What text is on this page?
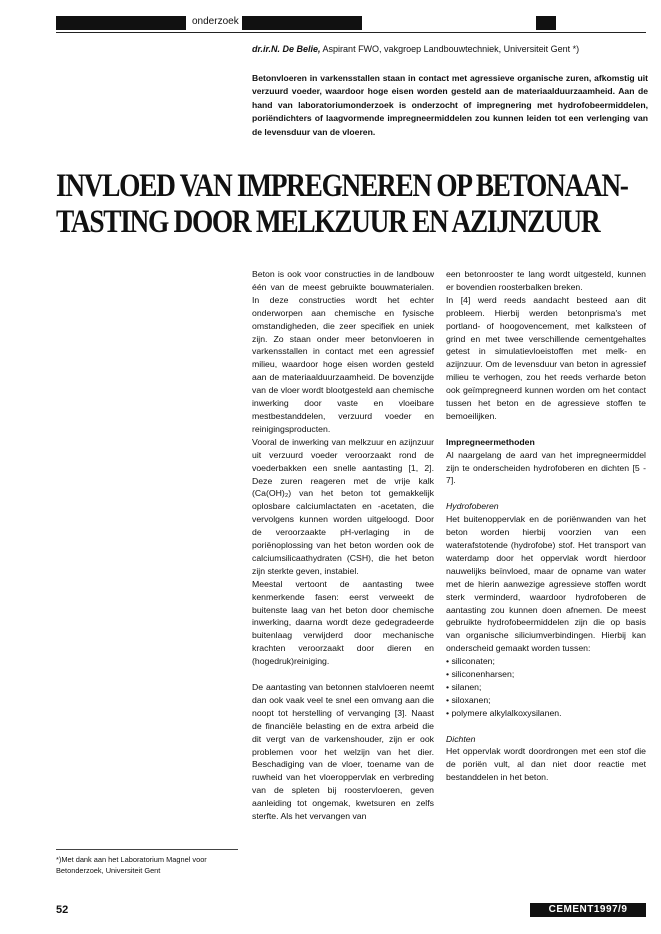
onderzoek
dr.ir.N. De Belie, Aspirant FWO, vakgroep Landbouwtechniek, Universiteit Gent *)
Betonvloeren in varkensstallen staan in contact met agressieve organische zuren, afkomstig uit verzuurd voeder, waardoor hoge eisen worden gesteld aan de materiaalduurzaamheid. Aan de hand van laboratoriumonderzoek is onderzocht of impregnering met hydrofobeermiddelen, poriëndichters of laagvormende impregneermiddelen zou kunnen leiden tot een verlenging van de levensduur van de vloeren.
INVLOED VAN IMPREGNEREN OP BETONAAN-
TASTING DOOR MELKZUUR EN AZIJNZUUR

Beton is ook voor constructies in de landbouw één van de meest gebruikte bouwmaterialen. In deze constructies wordt het echter onderworpen aan chemische en fysische omstandigheden, die zeer specifiek en uniek zijn. Zo staan onder meer betonvloeren in varkensstallen in contact met een agressief milieu, waardoor hoge eisen worden gesteld aan de materiaalduurzaamheid. De bovenzijde van de vloer wordt blootgesteld aan chemische inwerking door vaste en vloeibare mestbestanddelen, verzuurd voeder en reinigingsproducten.

Vooral de inwerking van melkzuur en azijnzuur uit verzuurd voeder veroorzaakt rond de voederbakken een snelle aantasting [1, 2]. Deze zuren reageren met de vrije kalk (Ca(OH)₂) van het beton tot gemakkelijk oplosbare calciumlactaten en -acetaten, die vervolgens kunnen worden uitgeloogd. Door de veroorzaakte pH-verlaging in de poriënoplossing van het beton worden ook de calciumsilicaathydraten (CSH), die het beton zijn sterkte geven, instabiel.

Meestal vertoont de aantasting twee kenmerkende fasen: eerst verweekt de buitenste laag van het beton door chemische inwerking, daarna wordt deze gedegradeerde buitenlaag verwijderd door mechanische krachten veroorzaakt door dieren en (hogedruk)reiniging.

De aantasting van betonnen stalvloeren neemt dan ook vaak veel te snel een omvang aan die noopt tot herstelling of vervanging [3]. Naast de financiële belasting en de extra arbeid die dit vergt van de varkenshouder, zijn er ook problemen voor het welzijn van het dier. Beschadiging van de vloer, toename van de ruwheid van het vloeroppervlak en verbreding van de spleten bij roostervloeren, geven aanleiding tot ongemak, kwetsuren en zelfs sterfte. Als het vervangen van

een betonrooster te lang wordt uitgesteld, kunnen er bovendien roosterbalken breken.

In [4] werd reeds aandacht besteed aan dit probleem. Hierbij werden betonprisma's met portland- of hoogovencement, met kalksteen of grind en met twee verschillende cementgehaltes getest in simulatievloeistoffen met melk- en azijnzuur. Om de levensduur van beton in agressief milieu te verhogen, zou het reeds verharde beton ook geïmpregneerd kunnen worden om het contact tussen het beton en de agressieve stoffen te bemoeilijken.

Impregneermethoden

Al naargelang de aard van het impregneermiddel zijn te onderscheiden hydrofoberen en dichten [5 - 7].

Hydrofoberen

Het buitenoppervlak en de poriënwanden van het beton worden hierbij voorzien van een waterafstotende (hydrofobe) stof. Het transport van waterdamp door het oppervlak wordt hierdoor nauwelijks beïnvloed, maar de opname van water met de hierin aanwezige agressieve stoffen wordt sterk verminderd, waardoor hydrofoberen de aantasting zou kunnen doen afnemen. De meest gebruikte hydrofobeermiddelen zijn die op basis van organische siliciumverbindingen. Hierbij kan onderscheid gemaakt worden tussen:

• siliconaten;

• siliconenharsen;

• silanen;

• siloxanen;

• polymere alkylalkoxysilanen.

Dichten

Het oppervlak wordt doordrongen met een stof die de poriën vult, al dan niet door reactie met bestanddelen in het beton.

*)Met dank aan het Laboratorium Magnel voor Betonderzoek, Universiteit Gent
52	CEMENT1997/9
